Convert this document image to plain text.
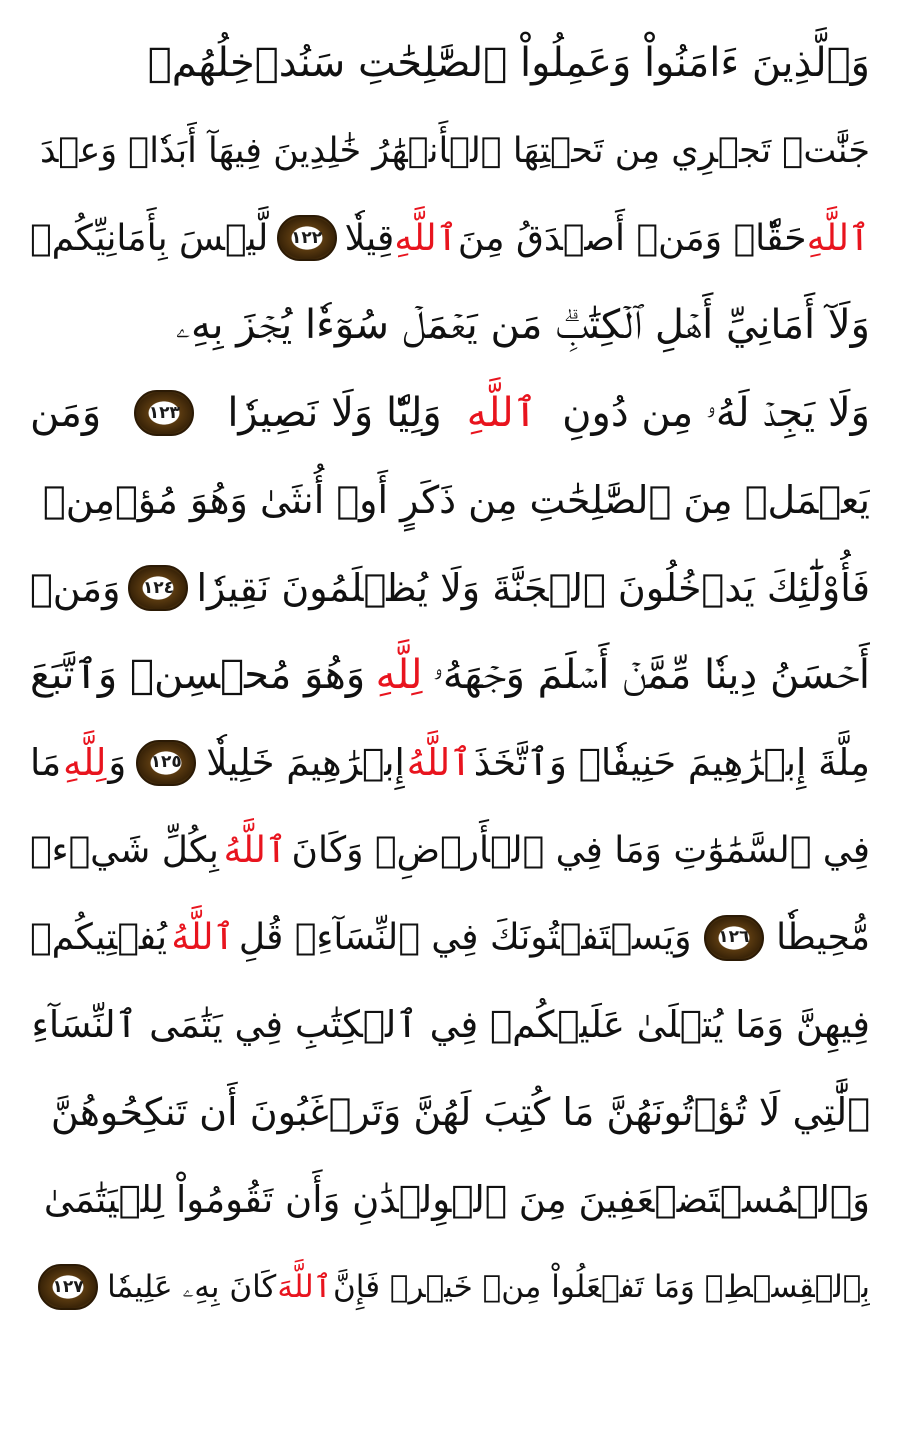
وَٱلَّذِينَ ءَامَنُواْ وَعَمِلُواْ ٱلصَّٰلِحَٰتِ سَنُدۡخِلُهُمۡ
جَنَّٰتٖ تَجۡرِي مِن تَحۡتِهَا ٱلۡأَنۡهَٰرُ خَٰلِدِينَ فِيهَآ أَبَدٗاۖ وَعۡدَ
ٱللَّهِ
حَقّٗاۚ وَمَنۡ أَصۡدَقُ مِنَ
ٱللَّهِ
قِيلٗا
١٢٢
لَّيۡسَ بِأَمَانِيِّكُمۡ
وَلَآ أَمَانِيِّ أَهۡلِ ٱلۡكِتَٰبِۗ مَن يَعۡمَلۡ سُوٓءٗا يُجۡزَ بِهِۦ
وَلَا يَجِدۡ لَهُۥ مِن دُونِ
ٱللَّهِ
وَلِيّٗا وَلَا نَصِيرٗا
١٢٣
وَمَن
يَعۡمَلۡ مِنَ ٱلصَّٰلِحَٰتِ مِن ذَكَرٍ أَوۡ أُنثَىٰ وَهُوَ مُؤۡمِنٞ
فَأُوْلَٰٓئِكَ يَدۡخُلُونَ ٱلۡجَنَّةَ وَلَا يُظۡلَمُونَ نَقِيرٗا
١٢٤
وَمَنۡ
أَحۡسَنُ دِينٗا مِّمَّنۡ أَسۡلَمَ وَجۡهَهُۥ
لِلَّهِ
وَهُوَ مُحۡسِنٞ وَٱتَّبَعَ
مِلَّةَ إِبۡرَٰهِيمَ حَنِيفٗاۗ وَٱتَّخَذَ
ٱللَّهُ
إِبۡرَٰهِيمَ خَلِيلٗا
١٢٥
وَ
لِلَّهِ
مَا
فِي ٱلسَّمَٰوَٰتِ وَمَا فِي ٱلۡأَرۡضِۚ وَكَانَ
ٱللَّهُ
بِكُلِّ شَيۡءٖ
مُّحِيطٗا
١٢٦
وَيَسۡتَفۡتُونَكَ فِي ٱلنِّسَآءِۖ قُلِ
ٱللَّهُ
يُفۡتِيكُمۡ
فِيهِنَّ وَمَا يُتۡلَىٰ عَلَيۡكُمۡ فِي ٱلۡكِتَٰبِ فِي يَتَٰمَى ٱلنِّسَآءِ
ٱلَّٰتِي لَا تُؤۡتُونَهُنَّ مَا كُتِبَ لَهُنَّ وَتَرۡغَبُونَ أَن تَنكِحُوهُنَّ
وَٱلۡمُسۡتَضۡعَفِينَ مِنَ ٱلۡوِلۡدَٰنِ وَأَن تَقُومُواْ لِلۡيَتَٰمَىٰ
بِٱلۡقِسۡطِۚ وَمَا تَفۡعَلُواْ مِنۡ خَيۡرٖ فَإِنَّ
ٱللَّهَ
كَانَ بِهِۦ عَلِيمٗا
١٢٧
